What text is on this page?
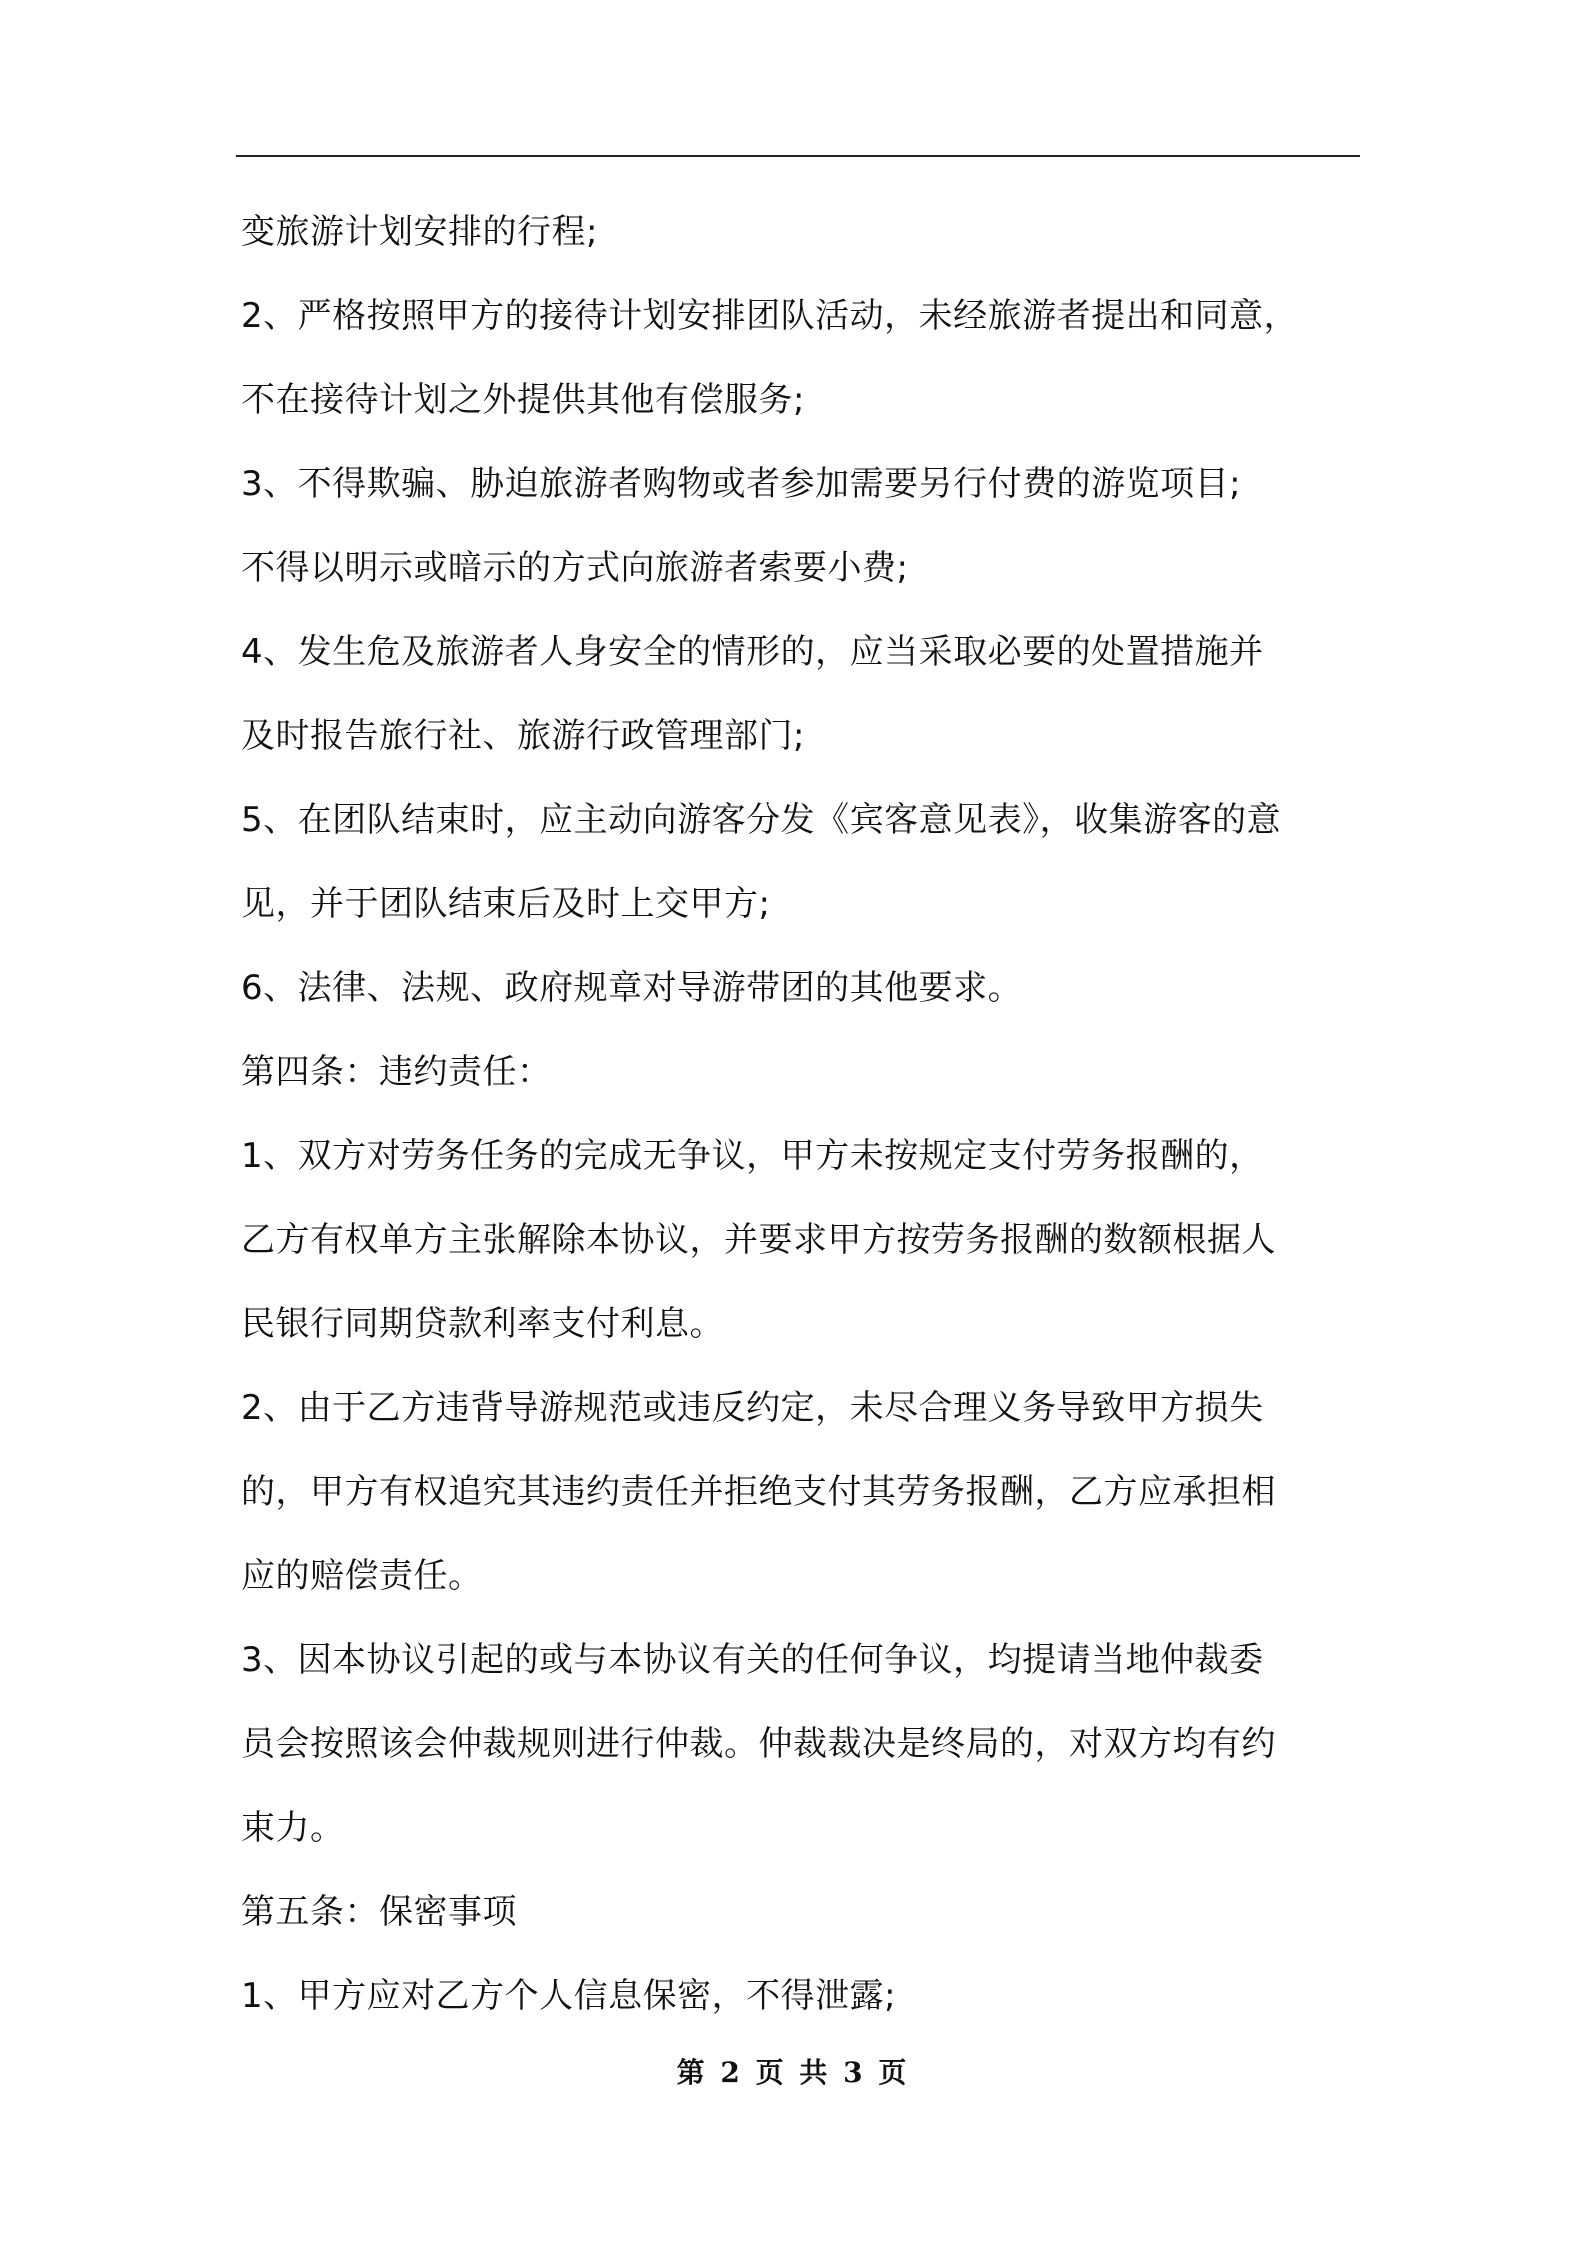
变旅游计划安排的行程;
2、严格按照甲方的接待计划安排团队活动，未经旅游者提出和同意，
不在接待计划之外提供其他有偿服务;
3、不得欺骗、胁迫旅游者购物或者参加需要另行付费的游览项目;
不得以明示或暗示的方式向旅游者索要小费;
4、发生危及旅游者人身安全的情形的，应当采取必要的处置措施并
及时报告旅行社、旅游行政管理部门;
5、在团队结束时，应主动向游客分发《宾客意见表》，收集游客的意
见，并于团队结束后及时上交甲方;
6、法律、法规、政府规章对导游带团的其他要求。
第四条：违约责任：
1、双方对劳务任务的完成无争议，甲方未按规定支付劳务报酬的，
乙方有权单方主张解除本协议，并要求甲方按劳务报酬的数额根据人
民银行同期贷款利率支付利息。
2、由于乙方违背导游规范或违反约定，未尽合理义务导致甲方损失
的，甲方有权追究其违约责任并拒绝支付其劳务报酬，乙方应承担相
应的赔偿责任。
3、因本协议引起的或与本协议有关的任何争议，均提请当地仲裁委
员会按照该会仲裁规则进行仲裁。仲裁裁决是终局的，对双方均有约
束力。
第五条：保密事项
1、甲方应对乙方个人信息保密，不得泄露;
第 2 页 共 3 页
